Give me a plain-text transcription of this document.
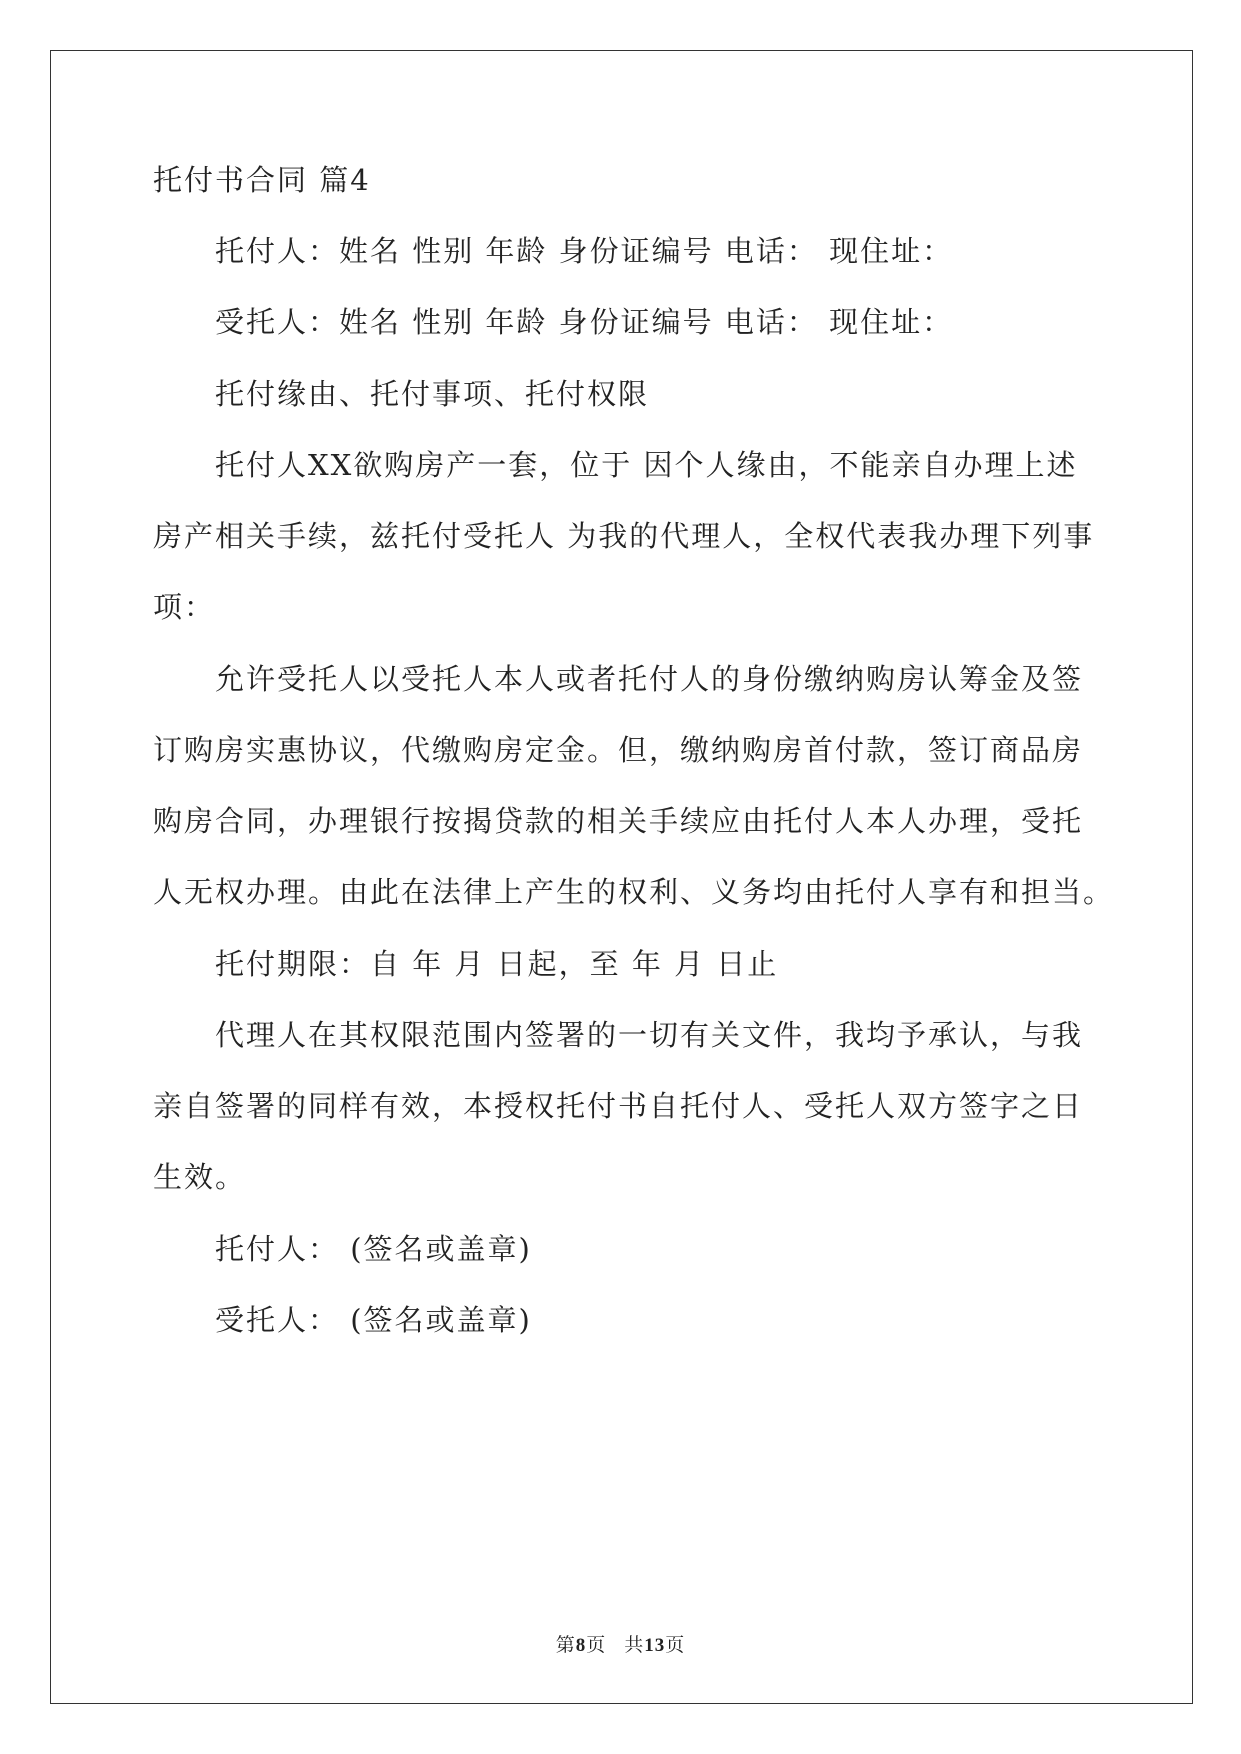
托付书合同 篇4
托付人：姓名 性别 年龄 身份证编号 电话： 现住址：
受托人：姓名 性别 年龄 身份证编号 电话： 现住址：
托付缘由、托付事项、托付权限
托付人XX欲购房产一套，位于 因个人缘由，不能亲自办理上述
房产相关手续，兹托付受托人 为我的代理人，全权代表我办理下列事
项：
允许受托人以受托人本人或者托付人的身份缴纳购房认筹金及签
订购房实惠协议，代缴购房定金。但，缴纳购房首付款，签订商品房
购房合同，办理银行按揭贷款的相关手续应由托付人本人办理，受托
人无权办理。由此在法律上产生的权利、义务均由托付人享有和担当。
托付期限：自 年 月 日起，至 年 月 日止
代理人在其权限范围内签署的一切有关文件，我均予承认，与我
亲自签署的同样有效，本授权托付书自托付人、受托人双方签字之日
生效。
托付人： (签名或盖章)
受托人： (签名或盖章)
第8页 共13页
